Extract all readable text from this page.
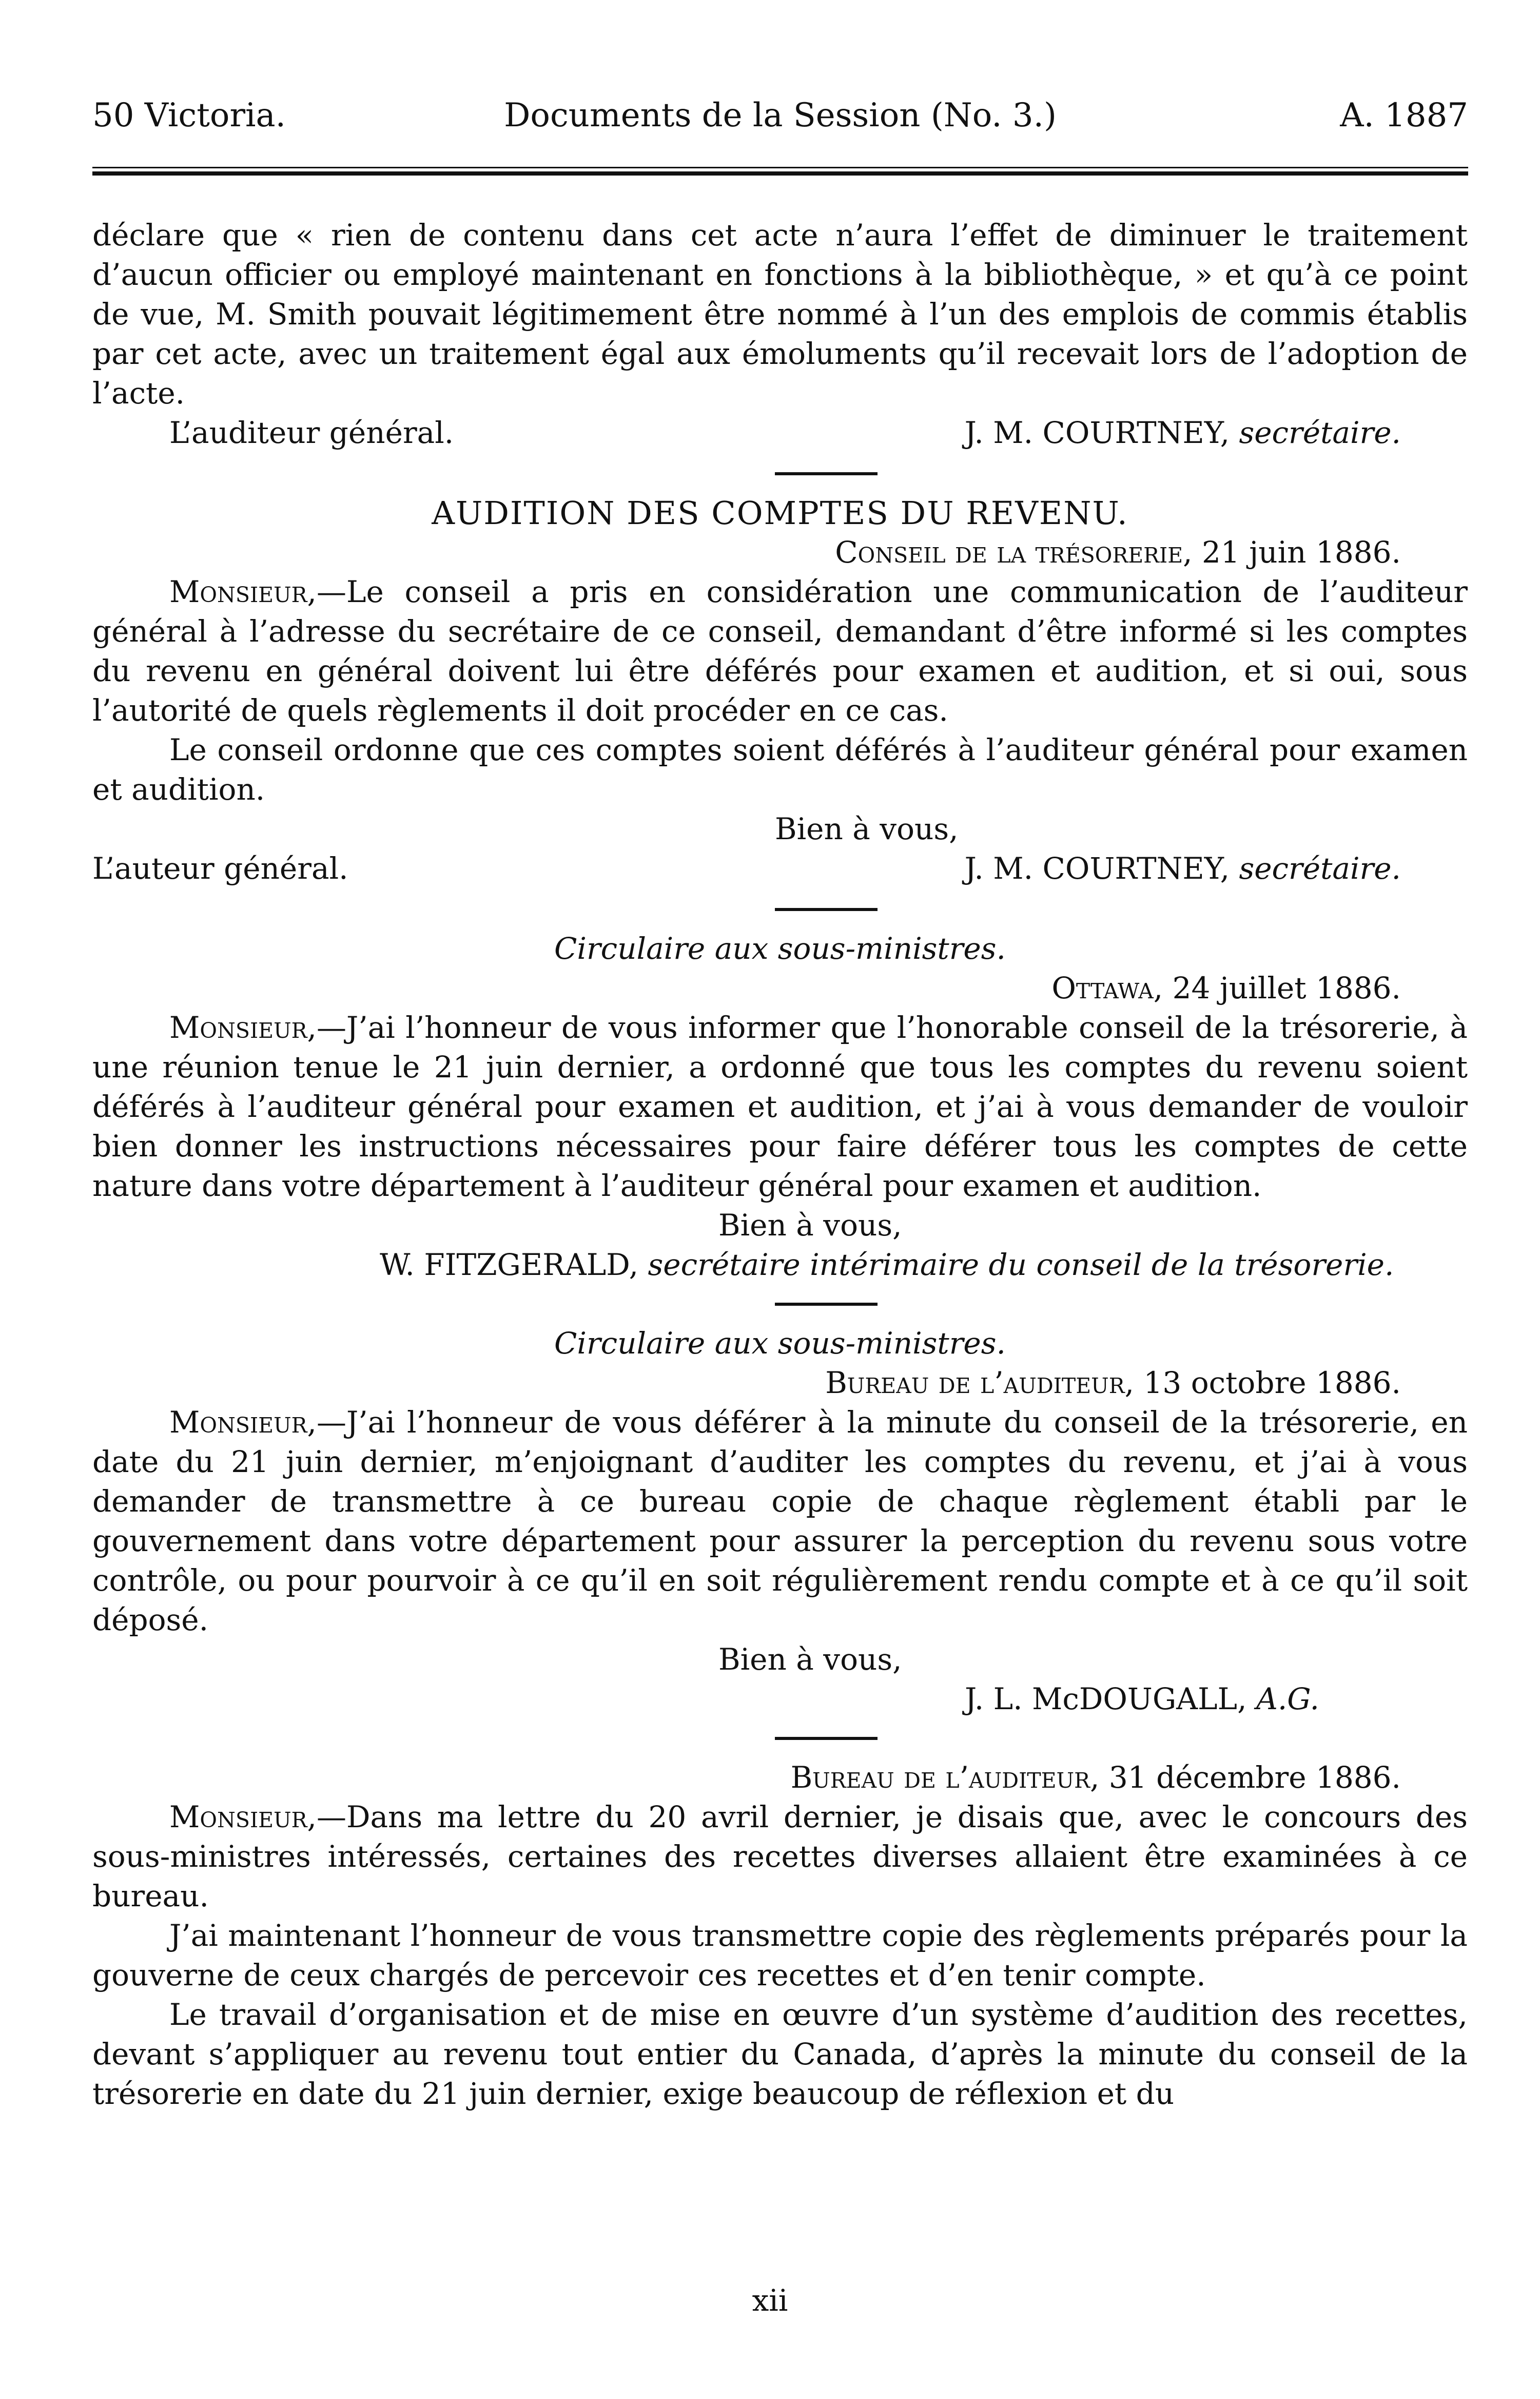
50 Victoria.	Documents de la Session (No. 3.)	A. 1887

déclare que « rien de contenu dans cet acte n’aura l’effet de diminuer le traitement d’aucun officier ou employé maintenant en fonctions à la bibliothèque, » et qu’à ce point de vue, M. Smith pouvait légitimement être nommé à l’un des emplois de commis établis par cet acte, avec un traitement égal aux émoluments qu’il recevait lors de l’adoption de l’acte.

L’auditeur général.	J. M. COURTNEY, secrétaire.

AUDITION DES COMPTES DU REVENU.

Conseil de la trésorerie, 21 juin 1886.

Monsieur,—Le conseil a pris en considération une communication de l’auditeur général à l’adresse du secrétaire de ce conseil, demandant d’être informé si les comptes du revenu en général doivent lui être déférés pour examen et audition, et si oui, sous l’autorité de quels règlements il doit procéder en ce cas.

Le conseil ordonne que ces comptes soient déférés à l’auditeur général pour examen et audition.

Bien à vous,

L’auteur général.	J. M. COURTNEY, secrétaire.

Circulaire aux sous-ministres.

Ottawa, 24 juillet 1886.

Monsieur,—J’ai l’honneur de vous informer que l’honorable conseil de la trésorerie, à une réunion tenue le 21 juin dernier, a ordonné que tous les comptes du revenu soient déférés à l’auditeur général pour examen et audition, et j’ai à vous demander de vouloir bien donner les instructions nécessaires pour faire déférer tous les comptes de cette nature dans votre département à l’auditeur général pour examen et audition.

Bien à vous,

W. FITZGERALD, secrétaire intérimaire du conseil de la trésorerie.

Circulaire aux sous-ministres.

Bureau de l’auditeur, 13 octobre 1886.

Monsieur,—J’ai l’honneur de vous déférer à la minute du conseil de la trésorerie, en date du 21 juin dernier, m’enjoignant d’auditer les comptes du revenu, et j’ai à vous demander de transmettre à ce bureau copie de chaque règlement établi par le gouvernement dans votre département pour assurer la perception du revenu sous votre contrôle, ou pour pourvoir à ce qu’il en soit régulièrement rendu compte et à ce qu’il soit déposé.

Bien à vous,

J. L. McDOUGALL, A.G.

Bureau de l’auditeur, 31 décembre 1886.

Monsieur,—Dans ma lettre du 20 avril dernier, je disais que, avec le concours des sous-ministres intéressés, certaines des recettes diverses allaient être examinées à ce bureau.

J’ai maintenant l’honneur de vous transmettre copie des règlements préparés pour la gouverne de ceux chargés de percevoir ces recettes et d’en tenir compte.

Le travail d’organisation et de mise en œuvre d’un système d’audition des recettes, devant s’appliquer au revenu tout entier du Canada, d’après la minute du conseil de la trésorerie en date du 21 juin dernier, exige beaucoup de réflexion et du

xii
